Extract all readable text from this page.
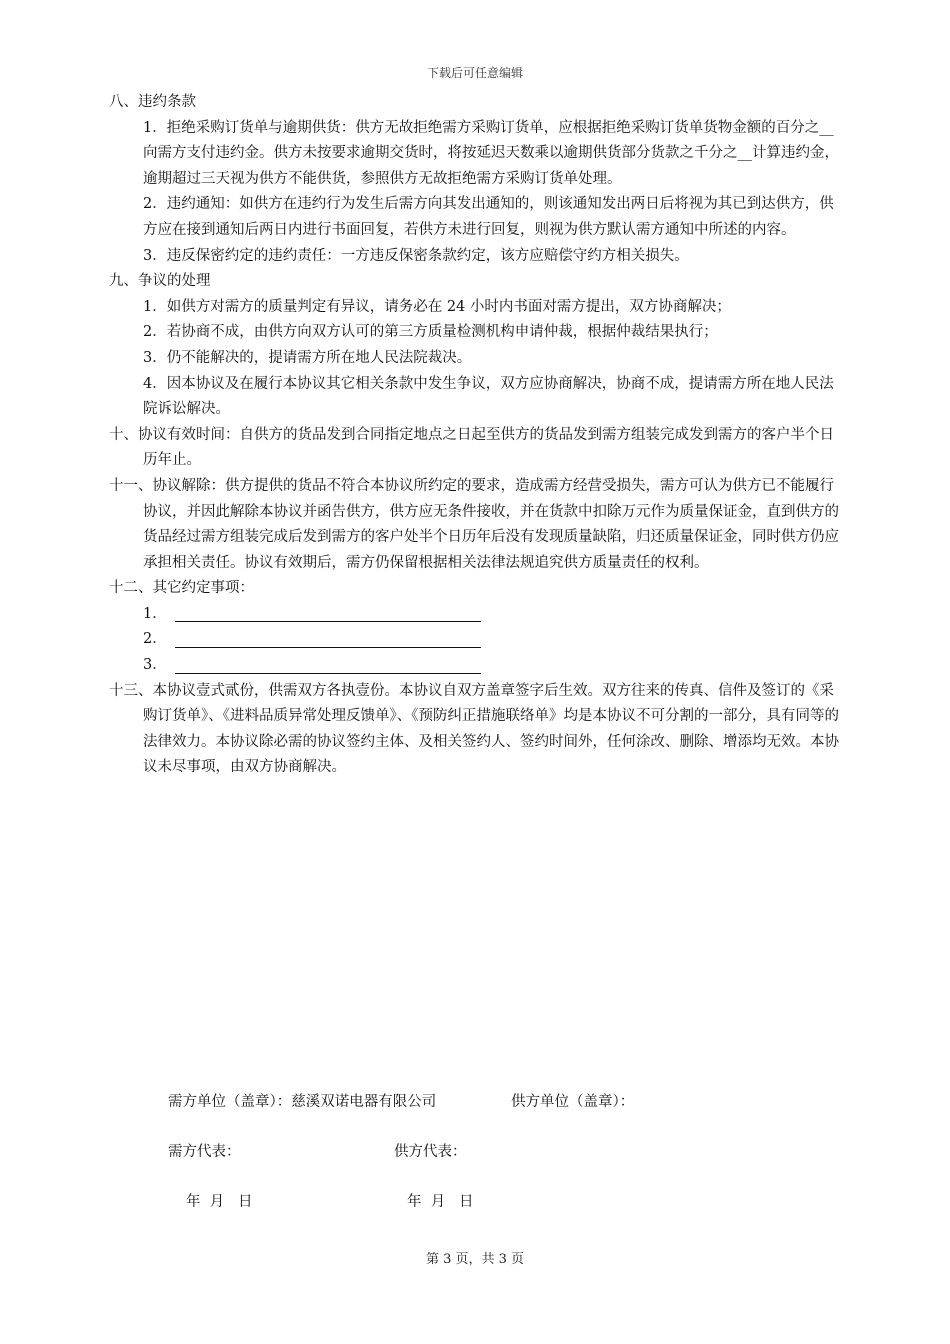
下载后可任意编辑

八、违约条款

1．拒绝采购订货单与逾期供货：供方无故拒绝需方采购订货单，应根据拒绝采购订货单货物金额的百分之__ 向需方支付违约金。供方未按要求逾期交货时，将按延迟天数乘以逾期供货部分货款之千分之__计算违约金，逾期超过三天视为供方不能供货，参照供方无故拒绝需方采购订货单处理。

2．违约通知：如供方在违约行为发生后需方向其发出通知的，则该通知发出两日后将视为其已到达供方，供方应在接到通知后两日内进行书面回复，若供方未进行回复，则视为供方默认需方通知中所述的内容。

3．违反保密约定的违约责任：一方违反保密条款约定，该方应赔偿守约方相关损失。

九、争议的处理

1．如供方对需方的质量判定有异议，请务必在 24 小时内书面对需方提出，双方协商解决；

2．若协商不成，由供方向双方认可的第三方质量检测机构申请仲裁，根据仲裁结果执行；

3．仍不能解决的，提请需方所在地人民法院裁决。

4．因本协议及在履行本协议其它相关条款中发生争议，双方应协商解决，协商不成，提请需方所在地人民法院诉讼解决。

十、协议有效时间：自供方的货品发到合同指定地点之日起至供方的货品发到需方组装完成发到需方的客户半个日历年止。

十一、协议解除：供方提供的货品不符合本协议所约定的要求，造成需方经营受损失，需方可认为供方已不能履行协议，并因此解除本协议并函告供方，供方应无条件接收，并在货款中扣除万元作为质量保证金，直到供方的货品经过需方组装完成后发到需方的客户处半个日历年后没有发现质量缺陷，归还质量保证金，同时供方仍应承担相关责任。协议有效期后，需方仍保留根据相关法律法规追究供方质量责任的权利。

十二、其它约定事项：

1．
2．
3．

十三、本协议壹式贰份，供需双方各执壹份。本协议自双方盖章签字后生效。双方往来的传真、信件及签订的《采购订货单》、《进料品质异常处理反馈单》、《预防纠正措施联络单》均是本协议不可分割的一部分，具有同等的法律效力。本协议除必需的协议签约主体、及相关签约人、签约时间外，任何涂改、删除、增添均无效。本协议未尽事项，由双方协商解决。

需方单位（盖章）：慈溪双诺电器有限公司	供方单位（盖章）：
需方代表：	供方代表：
年  月   日	年  月   日
第 3 页，共 3 页
